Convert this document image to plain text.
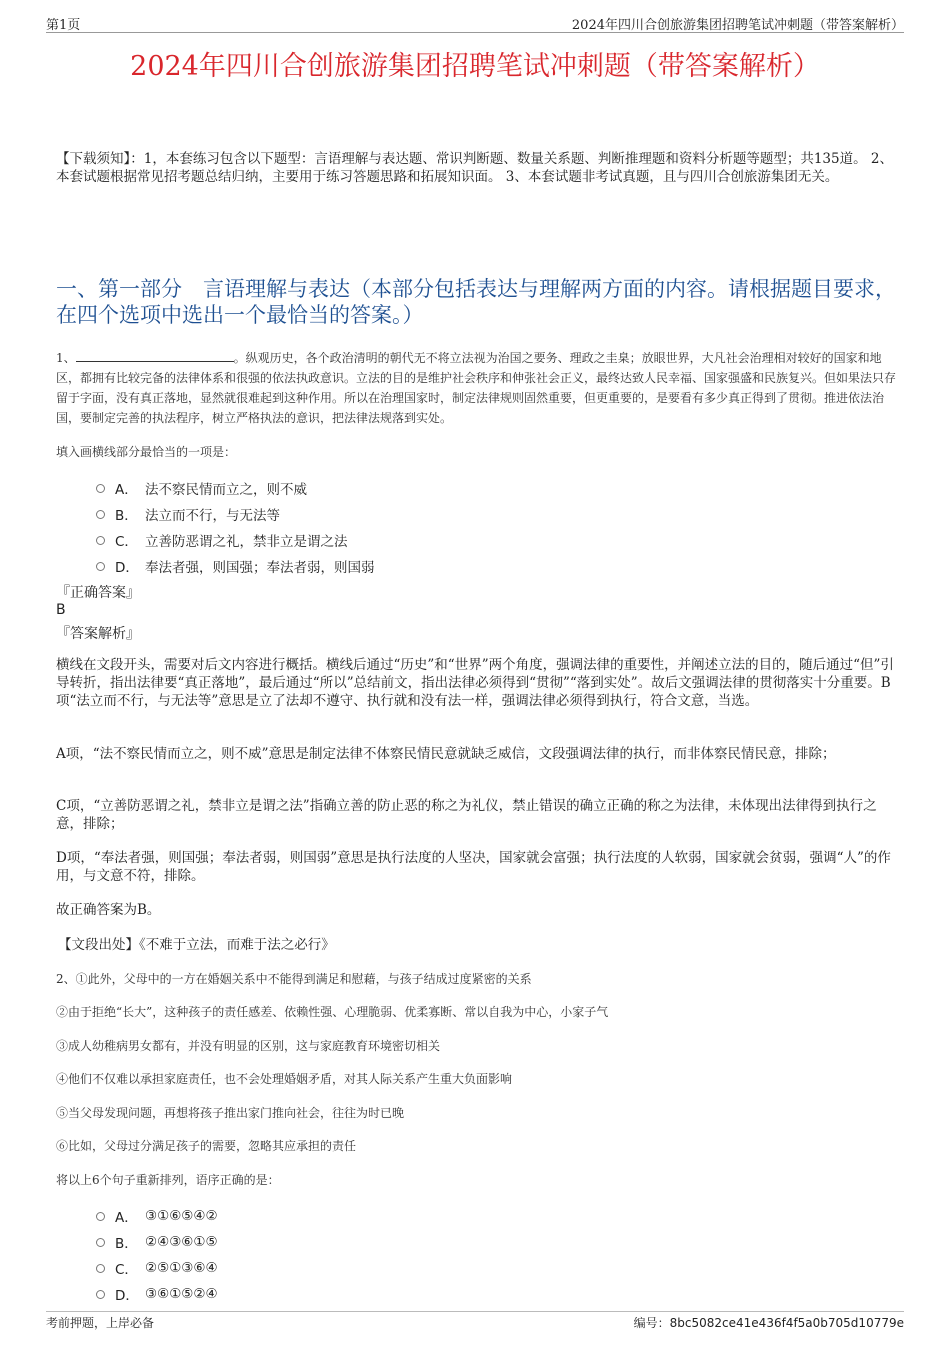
第1页	2024年四川合创旅游集团招聘笔试冲刺题（带答案解析）
2024年四川合创旅游集团招聘笔试冲刺题（带答案解析）
【下载须知】：1，本套练习包含以下题型：言语理解与表达题、常识判断题、数量关系题、判断推理题和资料分析题等题型；共135道。 2、本套试题根据常见招考题总结归纳，主要用于练习答题思路和拓展知识面。 3、本套试题非考试真题，且与四川合创旅游集团无关。
一、第一部分　言语理解与表达（本部分包括表达与理解两方面的内容。请根据题目要求，在四个选项中选出一个最恰当的答案。）
1、	。纵观历史，各个政治清明的朝代无不将立法视为治国之要务、理政之圭臬；放眼世界，大凡社会治理相对较好的国家和地区，都拥有比较完备的法律体系和很强的依法执政意识。立法的目的是维护社会秩序和伸张社会正义，最终达致人民幸福、国家强盛和民族复兴。但如果法只存留于字面，没有真正落地，显然就很难起到这种作用。所以在治理国家时，制定法律规则固然重要，但更重要的，是要看有多少真正得到了贯彻。推进依法治国，要制定完善的执法程序，树立严格执法的意识，把法律法规落到实处。
填入画横线部分最恰当的一项是：
A． 法不察民情而立之，则不威
B． 法立而不行，与无法等
C． 立善防恶谓之礼，禁非立是谓之法
D． 奉法者强，则国强；奉法者弱，则国弱
『正确答案』
B
『答案解析』
横线在文段开头，需要对后文内容进行概括。横线后通过“历史”和“世界”两个角度，强调法律的重要性，并阐述立法的目的，随后通过“但”引导转折，指出法律要“真正落地”，最后通过“所以”总结前文，指出法律必须得到“贯彻”“落到实处”。故后文强调法律的贯彻落实十分重要。B项“法立而不行，与无法等”意思是立了法却不遵守、执行就和没有法一样，强调法律必须得到执行，符合文意，当选。
A项，“法不察民情而立之，则不威”意思是制定法律不体察民情民意就缺乏威信，文段强调法律的执行，而非体察民情民意，排除；
C项，“立善防恶谓之礼，禁非立是谓之法”指确立善的防止恶的称之为礼仪，禁止错误的确立正确的称之为法律，未体现出法律得到执行之意，排除；
D项，“奉法者强，则国强；奉法者弱，则国弱”意思是执行法度的人坚决，国家就会富强；执行法度的人软弱，国家就会贫弱，强调“人”的作用，与文意不符，排除。
故正确答案为B。
【文段出处】《不难于立法，而难于法之必行》
2、①此外，父母中的一方在婚姻关系中不能得到满足和慰藉，与孩子结成过度紧密的关系
②由于拒绝“长大”，这种孩子的责任感差、依赖性强、心理脆弱、优柔寡断、常以自我为中心，小家子气
③成人幼稚病男女都有，并没有明显的区别，这与家庭教育环境密切相关
④他们不仅难以承担家庭责任，也不会处理婚姻矛盾，对其人际关系产生重大负面影响
⑤当父母发现问题，再想将孩子推出家门推向社会，往往为时已晚
⑥比如，父母过分满足孩子的需要，忽略其应承担的责任
将以上6个句子重新排列，语序正确的是：
A． ③①⑥⑤④②
B． ②④③⑥①⑤
C． ②⑤①③⑥④
D． ③⑥①⑤②④
考前押题，上岸必备	编号：8bc5082ce41e436f4f5a0b705d10779e
